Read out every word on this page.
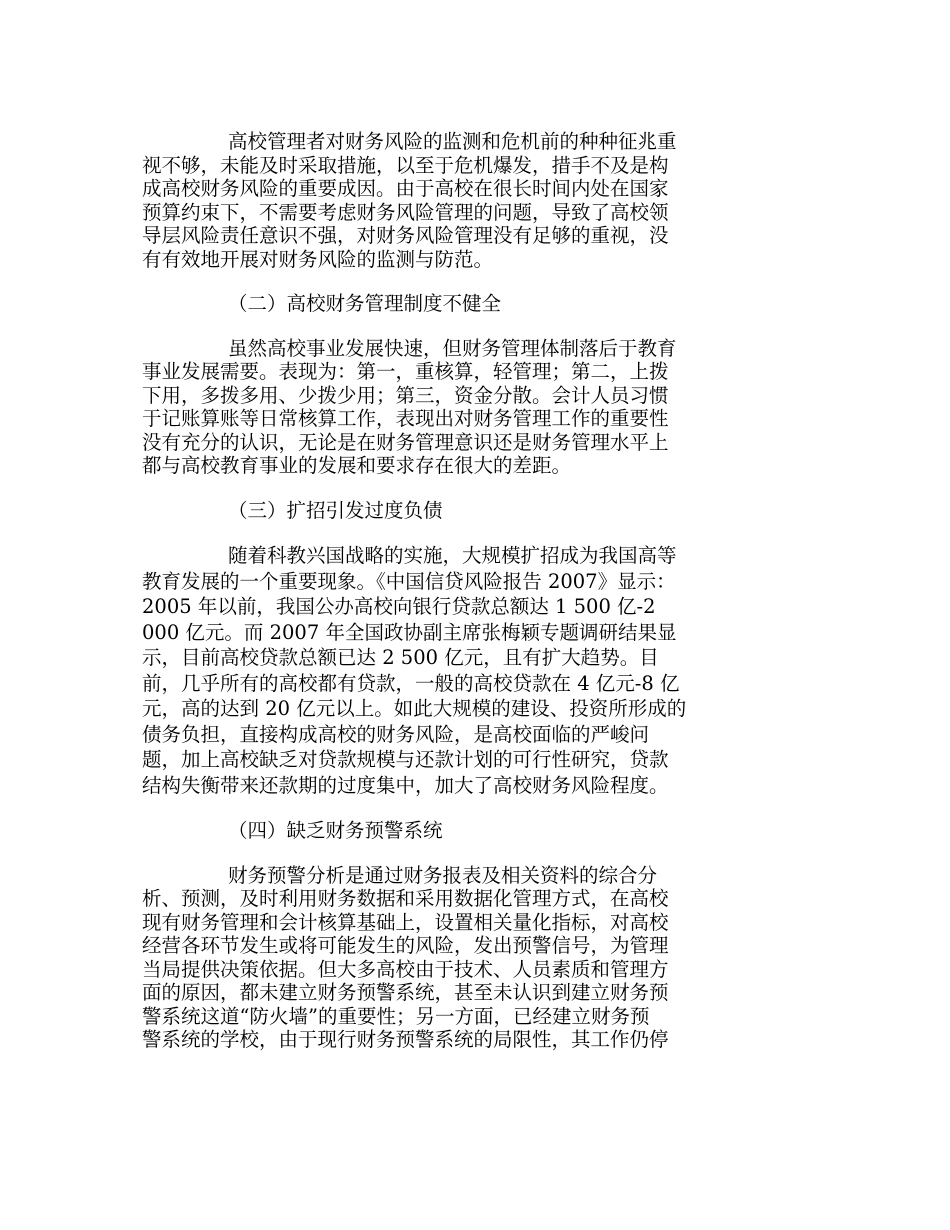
高校管理者对财务风险的监测和危机前的种种征兆重
视不够，未能及时采取措施，以至于危机爆发，措手不及是构
成高校财务风险的重要成因。由于高校在很长时间内处在国家
预算约束下，不需要考虑财务风险管理的问题，导致了高校领
导层风险责任意识不强，对财务风险管理没有足够的重视，没
有有效地开展对财务风险的监测与防范。
（二）高校财务管理制度不健全
虽然高校事业发展快速，但财务管理体制落后于教育
事业发展需要。表现为：第一，重核算，轻管理；第二，上拨
下用，多拨多用、少拨少用；第三，资金分散。会计人员习惯
于记账算账等日常核算工作，表现出对财务管理工作的重要性
没有充分的认识，无论是在财务管理意识还是财务管理水平上
都与高校教育事业的发展和要求存在很大的差距。
（三）扩招引发过度负债
随着科教兴国战略的实施，大规模扩招成为我国高等
教育发展的一个重要现象。《中国信贷风险报告 2007》显示：
2005 年以前，我国公办高校向银行贷款总额达 1 500 亿-2
000 亿元。而 2007 年全国政协副主席张梅颖专题调研结果显
示，目前高校贷款总额已达 2 500 亿元，且有扩大趋势。目
前，几乎所有的高校都有贷款，一般的高校贷款在 4 亿元-8 亿
元，高的达到 20 亿元以上。如此大规模的建设、投资所形成的
债务负担，直接构成高校的财务风险，是高校面临的严峻问
题，加上高校缺乏对贷款规模与还款计划的可行性研究，贷款
结构失衡带来还款期的过度集中，加大了高校财务风险程度。
（四）缺乏财务预警系统
财务预警分析是通过财务报表及相关资料的综合分
析、预测，及时利用财务数据和采用数据化管理方式，在高校
现有财务管理和会计核算基础上，设置相关量化指标，对高校
经营各环节发生或将可能发生的风险，发出预警信号，为管理
当局提供决策依据。但大多高校由于技术、人员素质和管理方
面的原因，都未建立财务预警系统，甚至未认识到建立财务预
警系统这道“防火墙”的重要性；另一方面，已经建立财务预
警系统的学校，由于现行财务预警系统的局限性，其工作仍停
